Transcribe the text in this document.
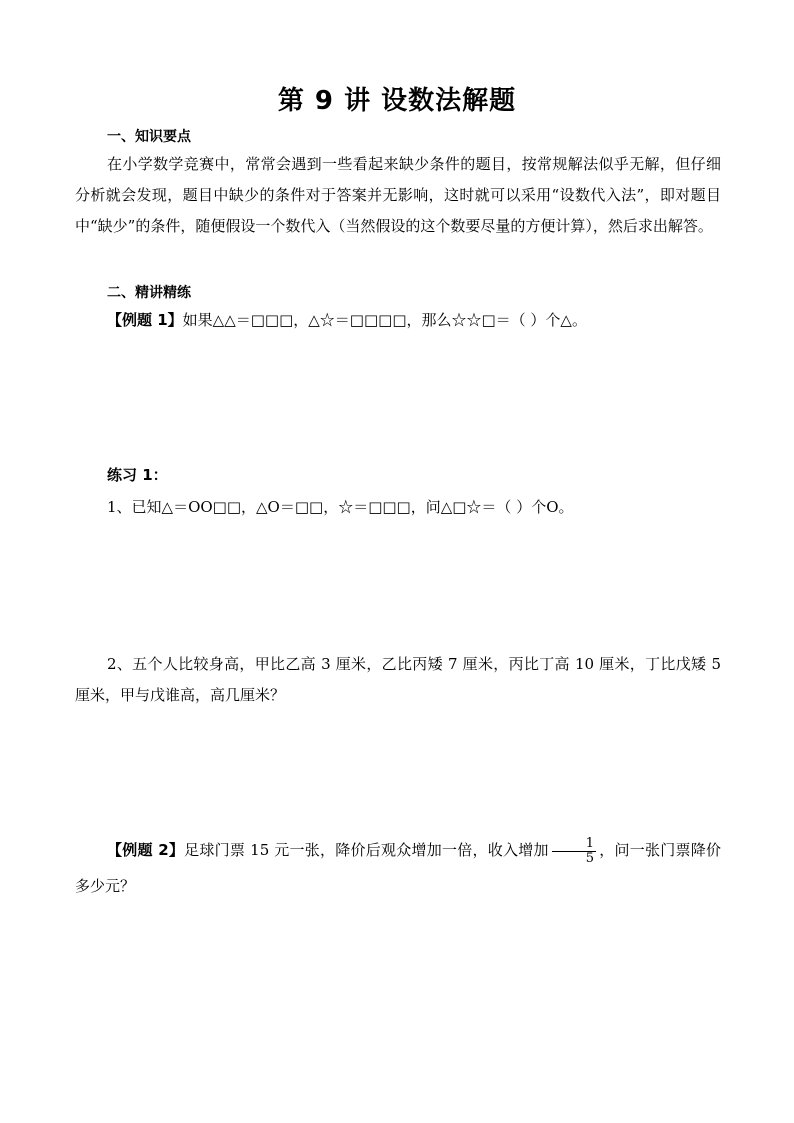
第 9 讲 设数法解题
一、知识要点
在小学数学竞赛中，常常会遇到一些看起来缺少条件的题目，按常规解法似乎无解，但仔细分析就会发现，题目中缺少的条件对于答案并无影响，这时就可以采用“设数代入法”，即对题目中“缺少”的条件，随便假设一个数代入（当然假设的这个数要尽量的方便计算），然后求出解答。
二、精讲精练
【例题 1】如果△△＝□□□，△☆＝□□□□，那么☆☆□＝（ ）个△。
练习 1：
1、已知△＝OO□□，△O＝□□，☆＝□□□，问△□☆＝（ ）个O。
2、五个人比较身高，甲比乙高 3 厘米，乙比丙矮 7 厘米，丙比丁高 10 厘米，丁比戊矮 5 厘米，甲与戊谁高，高几厘米？
【例题 2】足球门票 15 元一张，降价后观众增加一倍，收入增加 $\frac{1}{5}$ ，问一张门票降价多少元？
